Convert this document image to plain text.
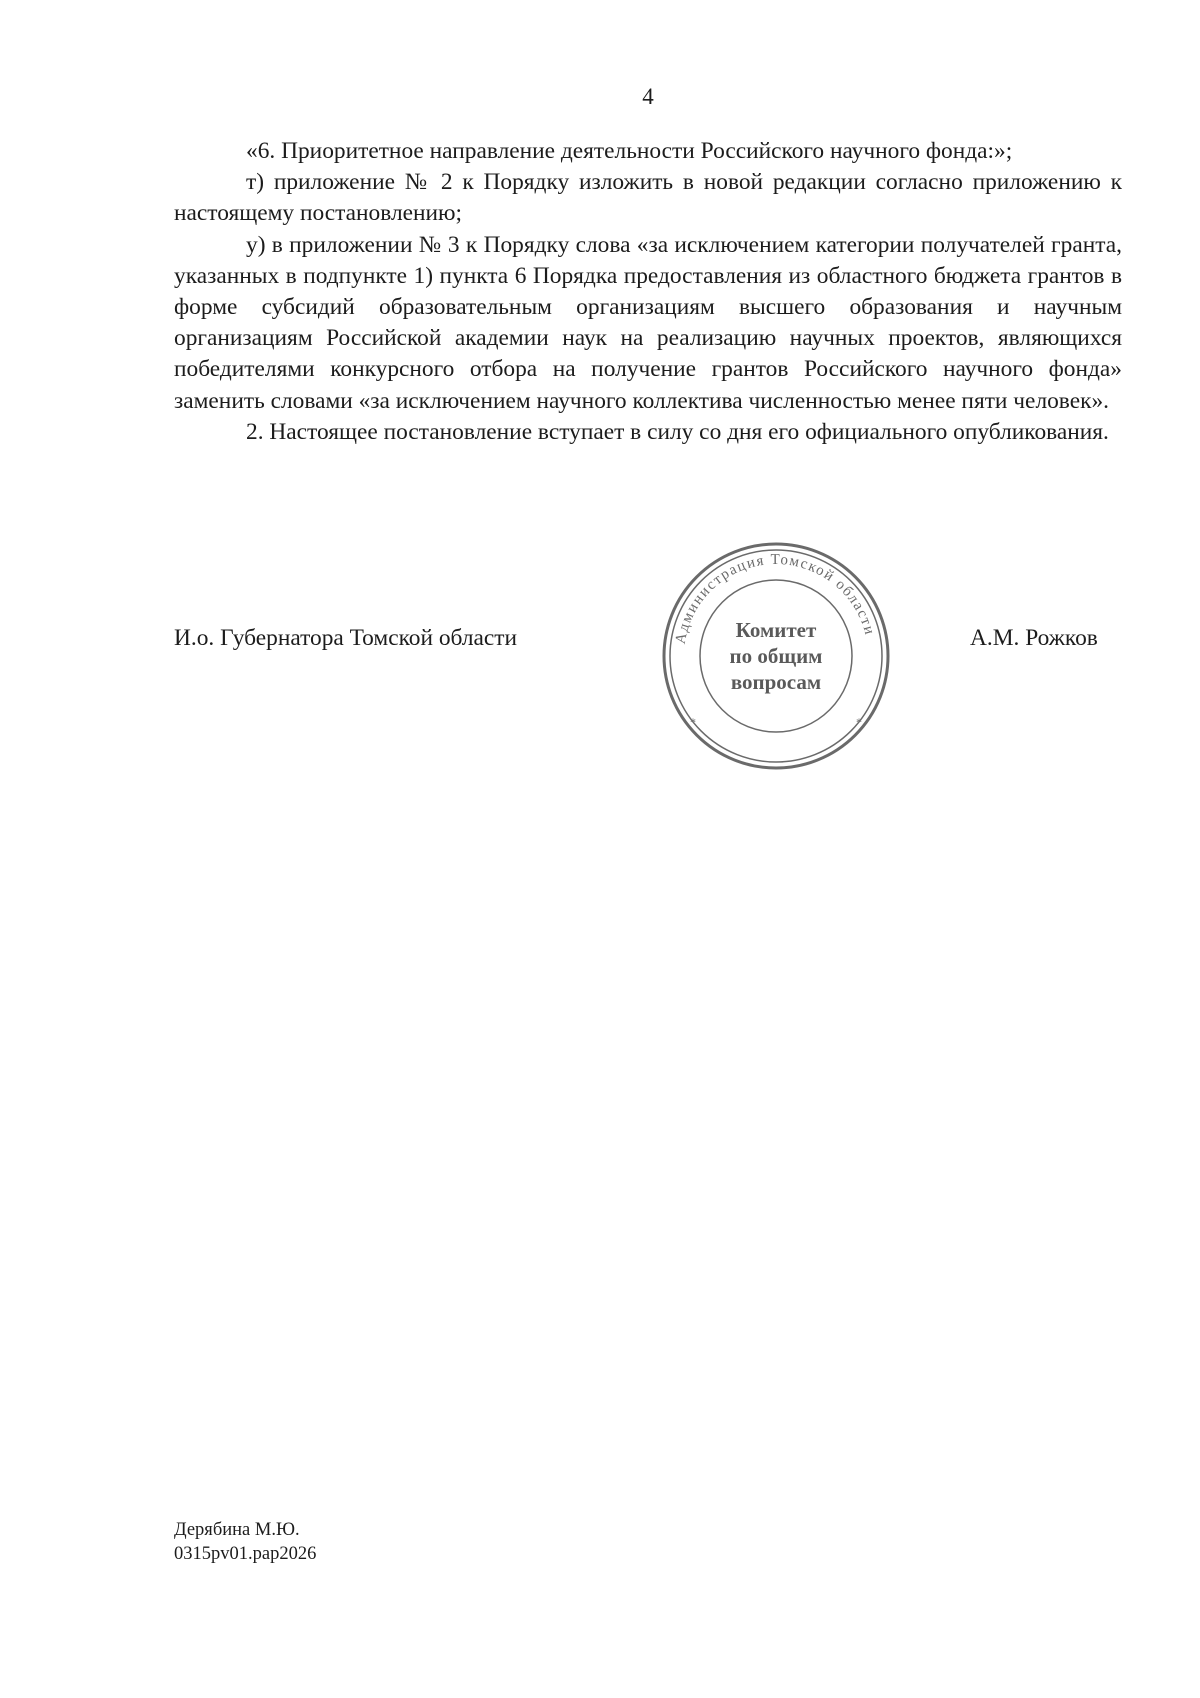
4

«6. Приоритетное направление деятельности Российского научного фонда:»;

т) приложение № 2 к Порядку изложить в новой редакции согласно приложению к настоящему постановлению;

у) в приложении № 3 к Порядку слова «за исключением категории получателей гранта, указанных в подпункте 1) пункта 6 Порядка предоставления из областного бюджета грантов в форме субсидий образовательным организациям высшего образования и научным организациям Российской академии наук на реализацию научных проектов, являющихся победителями конкурсного отбора на получение грантов Российского научного фонда» заменить словами «за исключением научного коллектива численностью менее пяти человек».

2. Настоящее постановление вступает в силу со дня его официального опубликования.

И.о. Губернатора Томской области	А.М. Рожков
Администрация Томской области
*	*
Комитет
по общим
вопросам
Дерябина М.Ю.
0315pv01.pap2026
